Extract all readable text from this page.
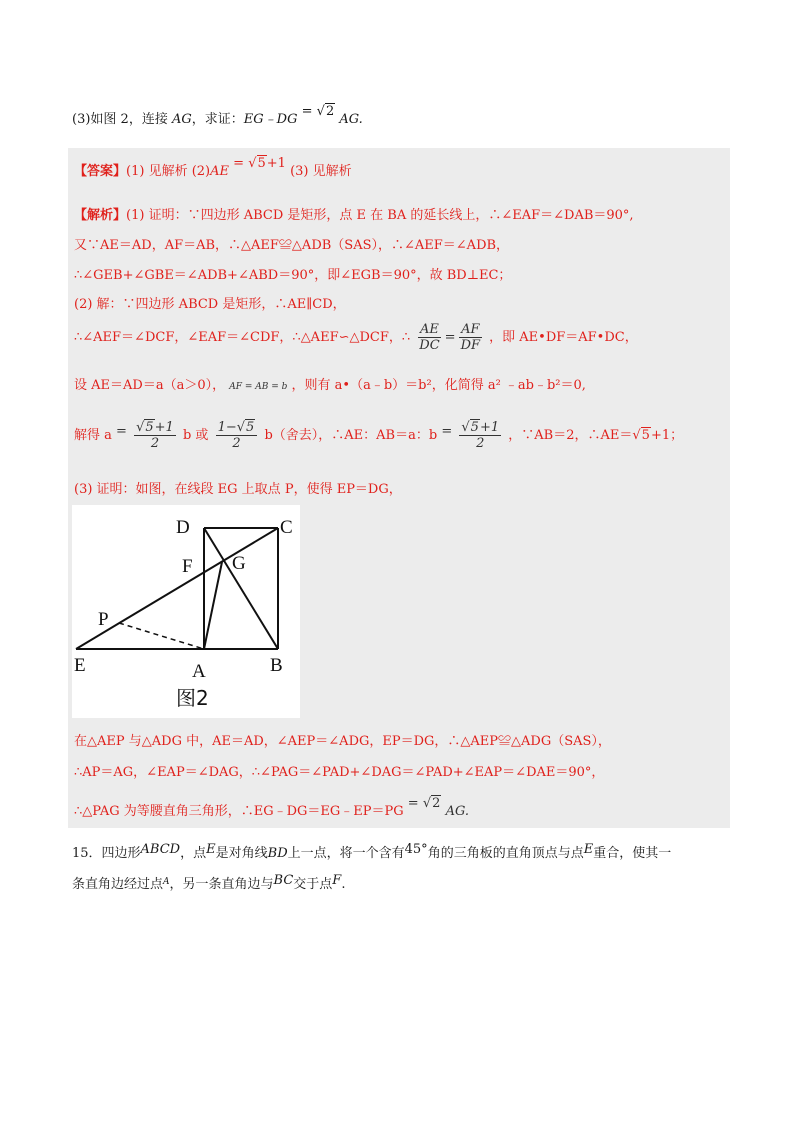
(3)如图 2，连接 AG，求证：EG﹣DG = √2 AG.
【答案】(1) 见解析 (2)AE = √5+1 (3) 见解析
【解析】(1) 证明：∵四边形 ABCD 是矩形，点 E 在 BA 的延长线上，∴∠EAF＝∠DAB＝90°,
又∵AE＝AD，AF＝AB，∴△AEF≌△ADB（SAS），∴∠AEF＝∠ADB，
∴∠GEB+∠GBE＝∠ADB+∠ABD＝90°，即∠EGB＝90°，故 BD⊥EC；
(2) 解：∵四边形 ABCD 是矩形，∴AE∥CD，
∴∠AEF＝∠DCF，∠EAF＝∠CDF，∴△AEF∽△DCF，∴ $\frac{AE}{DC} = \frac{AF}{DF}$ ，即 AE•DF＝AF•DC，
设 AE＝AD＝a（a＞0）， AF = AB = b ，则有 a•（a﹣b）＝b²，化简得 a² ﹣ab﹣b²＝0,
解得 $a = \frac{√5+1}{2}$ b 或 $\frac{1-√5}{2} b$（舍去），∴AE：AB＝a：$b = \frac{√5+1}{2}$ ，∵AB＝2，∴AE＝√5+1；
(3) 证明：如图，在线段 EG 上取点 P，使得 EP＝DG，
D	C
F G
P
E	A	B
图2
在△AEP 与△ADG 中，AE＝AD，∠AEP＝∠ADG，EP＝DG，∴△AEP≌△ADG（SAS），
∴AP＝AG，∠EAP＝∠DAG，∴∠PAG＝∠PAD+∠DAG＝∠PAD+∠EAP＝∠DAE＝90°，
∴△PAG 为等腰直角三角形，∴EG﹣DG＝EG﹣EP＝PG = √2 AG.
15．四边形ABCD，点E是对角线BD上一点，将一个含有45°角的三角板的直角顶点与点E重合，使其一
条直角边经过点$^A$，另一条直角边与BC交于点F.
